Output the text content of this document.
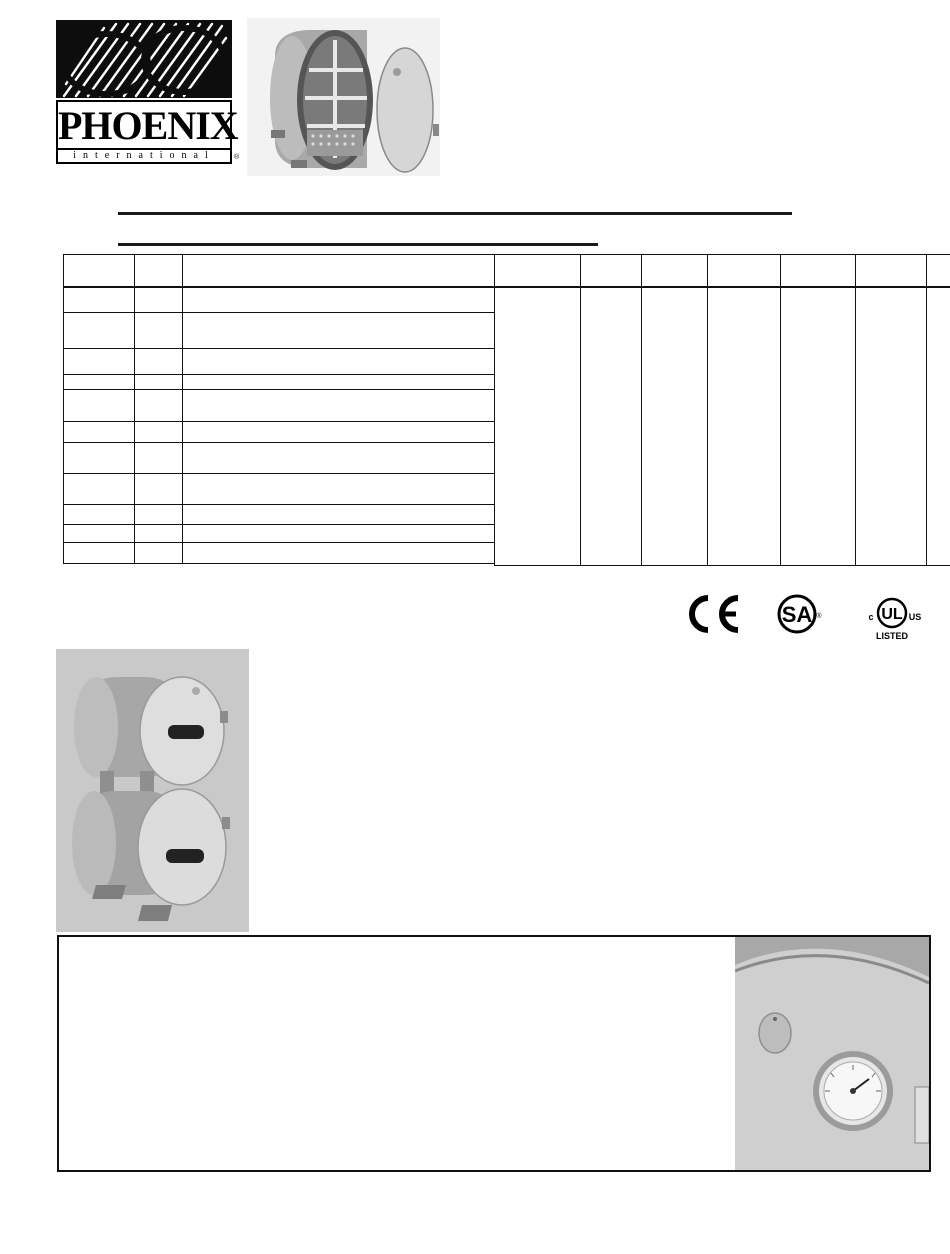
PHOENIX
international	®

SA ®	UL
c	US
LISTED
